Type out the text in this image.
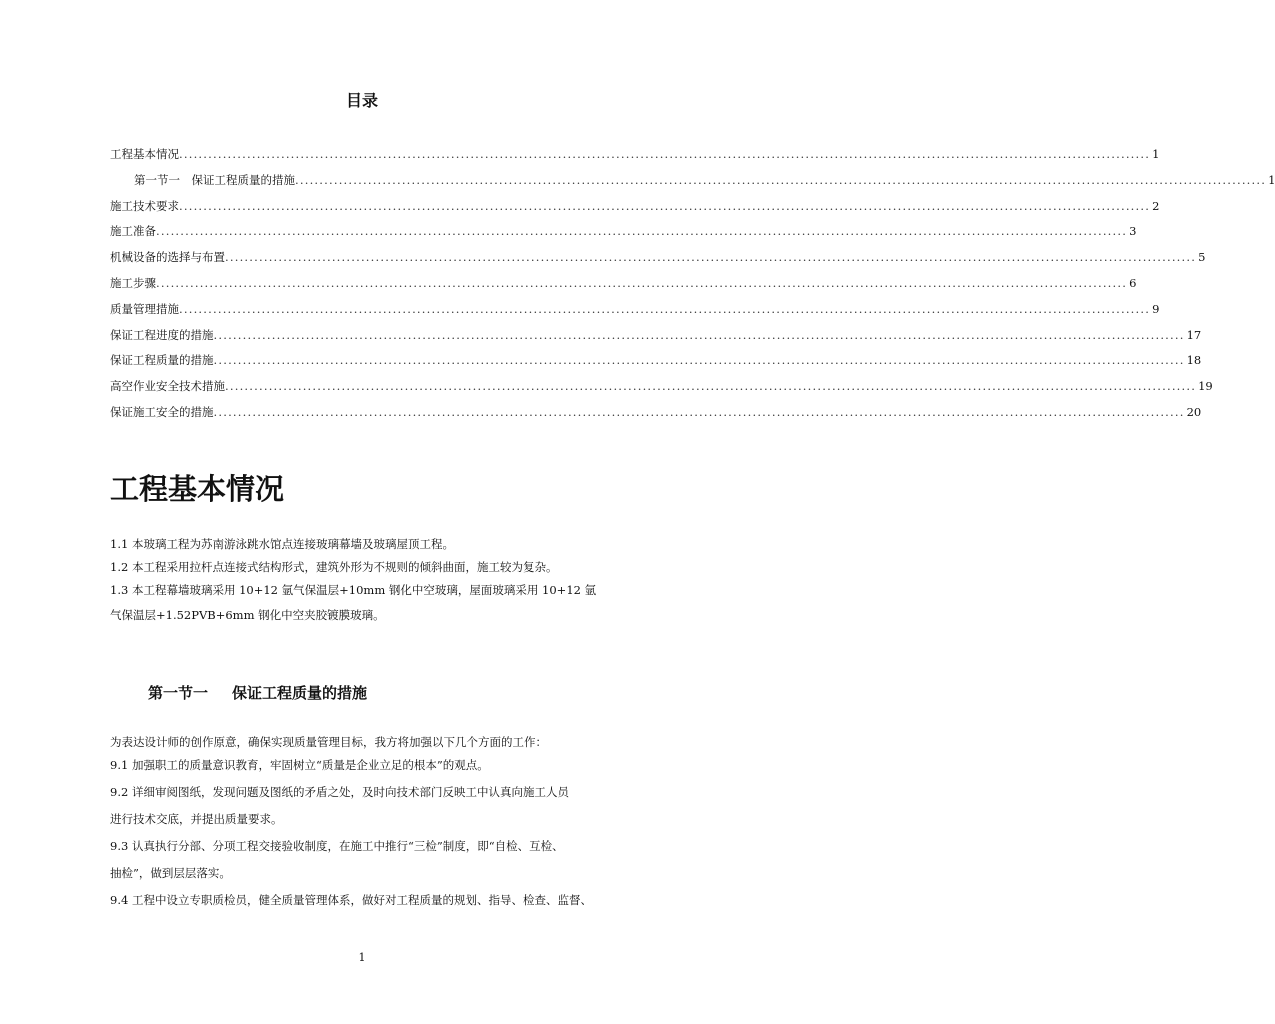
目录
工程基本情况 ........................................................................................................................................................................................................ 1
第一节一　保证工程质量的措施 ........................................................................................................................................................................................................ 1
施工技术要求 ........................................................................................................................................................................................................ 2
施工准备 ........................................................................................................................................................................................................ 3
机械设备的选择与布置 ........................................................................................................................................................................................................ 5
施工步骤 ........................................................................................................................................................................................................ 6
质量管理措施 ........................................................................................................................................................................................................ 9
保证工程进度的措施 ........................................................................................................................................................................................................ 17
保证工程质量的措施 ........................................................................................................................................................................................................ 18
高空作业安全技术措施 ........................................................................................................................................................................................................ 19
保证施工安全的措施 ........................................................................................................................................................................................................ 20
工程基本情况

1.1 本玻璃工程为苏南游泳跳水馆点连接玻璃幕墙及玻璃屋顶工程。

1.2 本工程采用拉杆点连接式结构形式，建筑外形为不规则的倾斜曲面，施工较为复杂。

1.3 本工程幕墙玻璃采用 10+12 氩气保温层+10mm 钢化中空玻璃，屋面玻璃采用 10+12 氩

气保温层+1.52PVB+6mm 钢化中空夹胶镀膜玻璃。

第一节一 保证工程质量的措施

为表达设计师的创作原意，确保实现质量管理目标，我方将加强以下几个方面的工作：

9.1 加强职工的质量意识教育，牢固树立“质量是企业立足的根本”的观点。

9.2 详细审阅图纸，发现问题及图纸的矛盾之处，及时向技术部门反映工中认真向施工人员

进行技术交底，并提出质量要求。

9.3 认真执行分部、分项工程交接验收制度，在施工中推行“三检”制度，即“自检、互检、

抽检”，做到层层落实。

9.4 工程中设立专职质检员，健全质量管理体系，做好对工程质量的规划、指导、检查、监督、

1
